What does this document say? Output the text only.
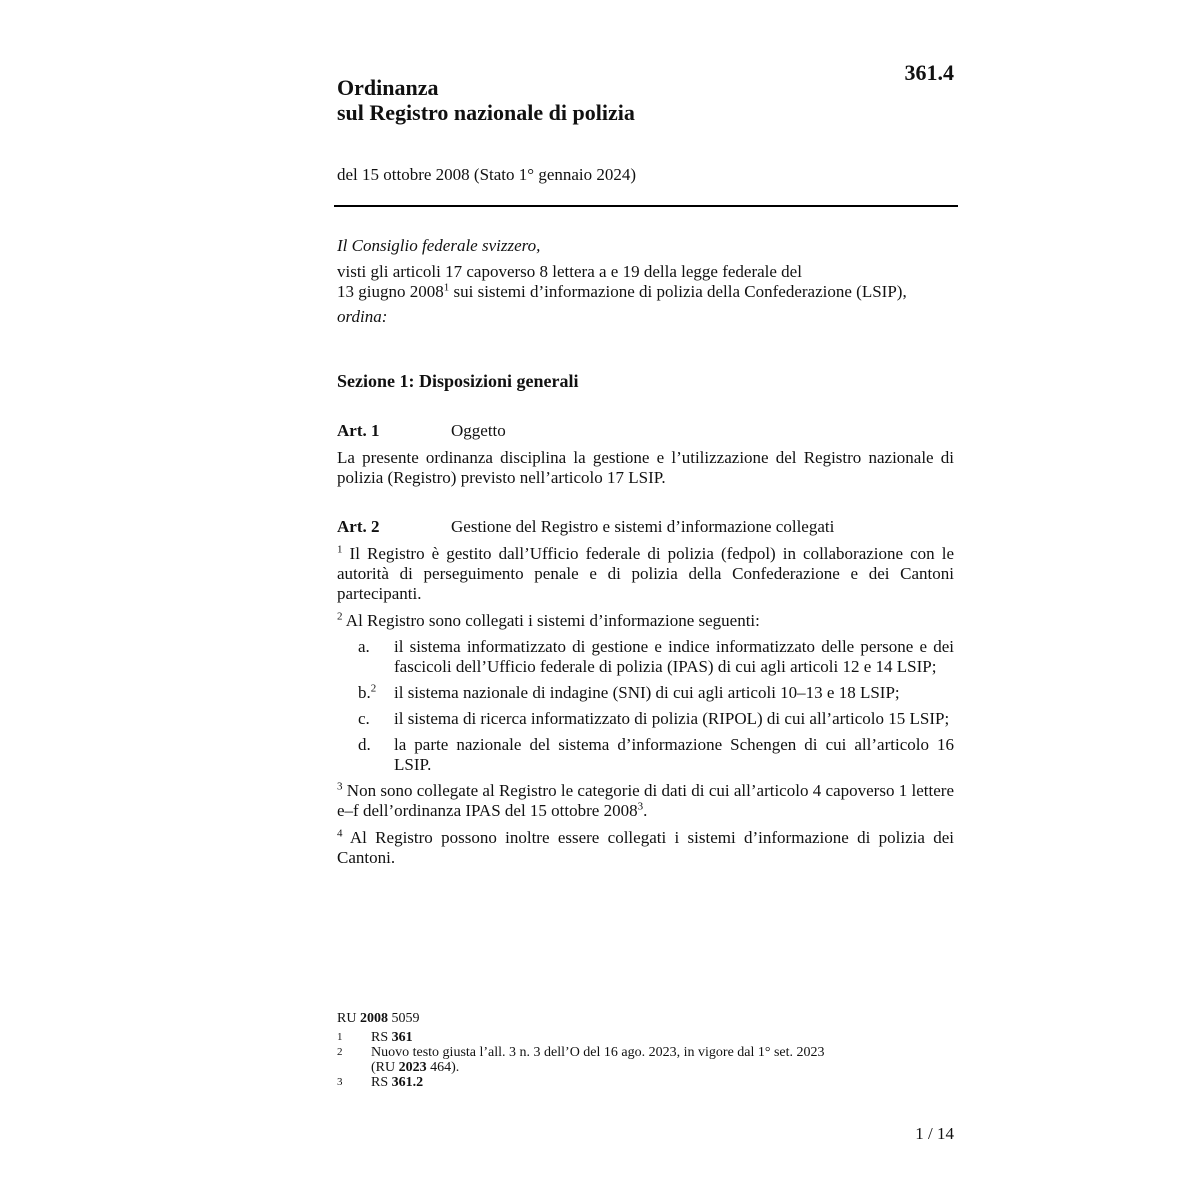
361.4
Ordinanza
sul Registro nazionale di polizia
del 15 ottobre 2008 (Stato 1° gennaio 2024)

Il Consiglio federale svizzero,

visti gli articoli 17 capoverso 8 lettera a e 19 della legge federale del

13 giugno 2008$^1$ sui sistemi d’informazione di polizia della Confederazione (LSIP),

ordina:

Sezione 1: Disposizioni generali
Art. 1	Oggetto

La presente ordinanza disciplina la gestione e l’utilizzazione del Registro nazionale di polizia (Registro) previsto nell’articolo 17 LSIP.

Art. 2	Gestione del Registro e sistemi d’informazione collegati

$^1$ Il Registro è gestito dall’Ufficio federale di polizia (fedpol) in collaborazione con le autorità di perseguimento penale e di polizia della Confederazione e dei Cantoni partecipanti.

$^2$ Al Registro sono collegati i sistemi d’informazione seguenti:

a.	il sistema informatizzato di gestione e indice informatizzato delle persone e dei fascicoli dell’Ufficio federale di polizia (IPAS) di cui agli articoli 12 e 14 LSIP;
b.$^2$	il sistema nazionale di indagine (SNI) di cui agli articoli 10–13 e 18 LSIP;
c.	il sistema di ricerca informatizzato di polizia (RIPOL) di cui all’articolo 15 LSIP;
d.	la parte nazionale del sistema d’informazione Schengen di cui all’articolo 16 LSIP.

$^3$ Non sono collegate al Registro le categorie di dati di cui all’articolo 4 capoverso 1 lettere e–f dell’ordinanza IPAS del 15 ottobre 2008$^3$.

$^4$ Al Registro possono inoltre essere collegati i sistemi d’informazione di polizia dei Cantoni.

RU 2008 5059
1	RS 361
2	Nuovo testo giusta l’all. 3 n. 3 dell’O del 16 ago. 2023, in vigore dal 1° set. 2023
(RU 2023 464).
3	RS 361.2
1 / 14
